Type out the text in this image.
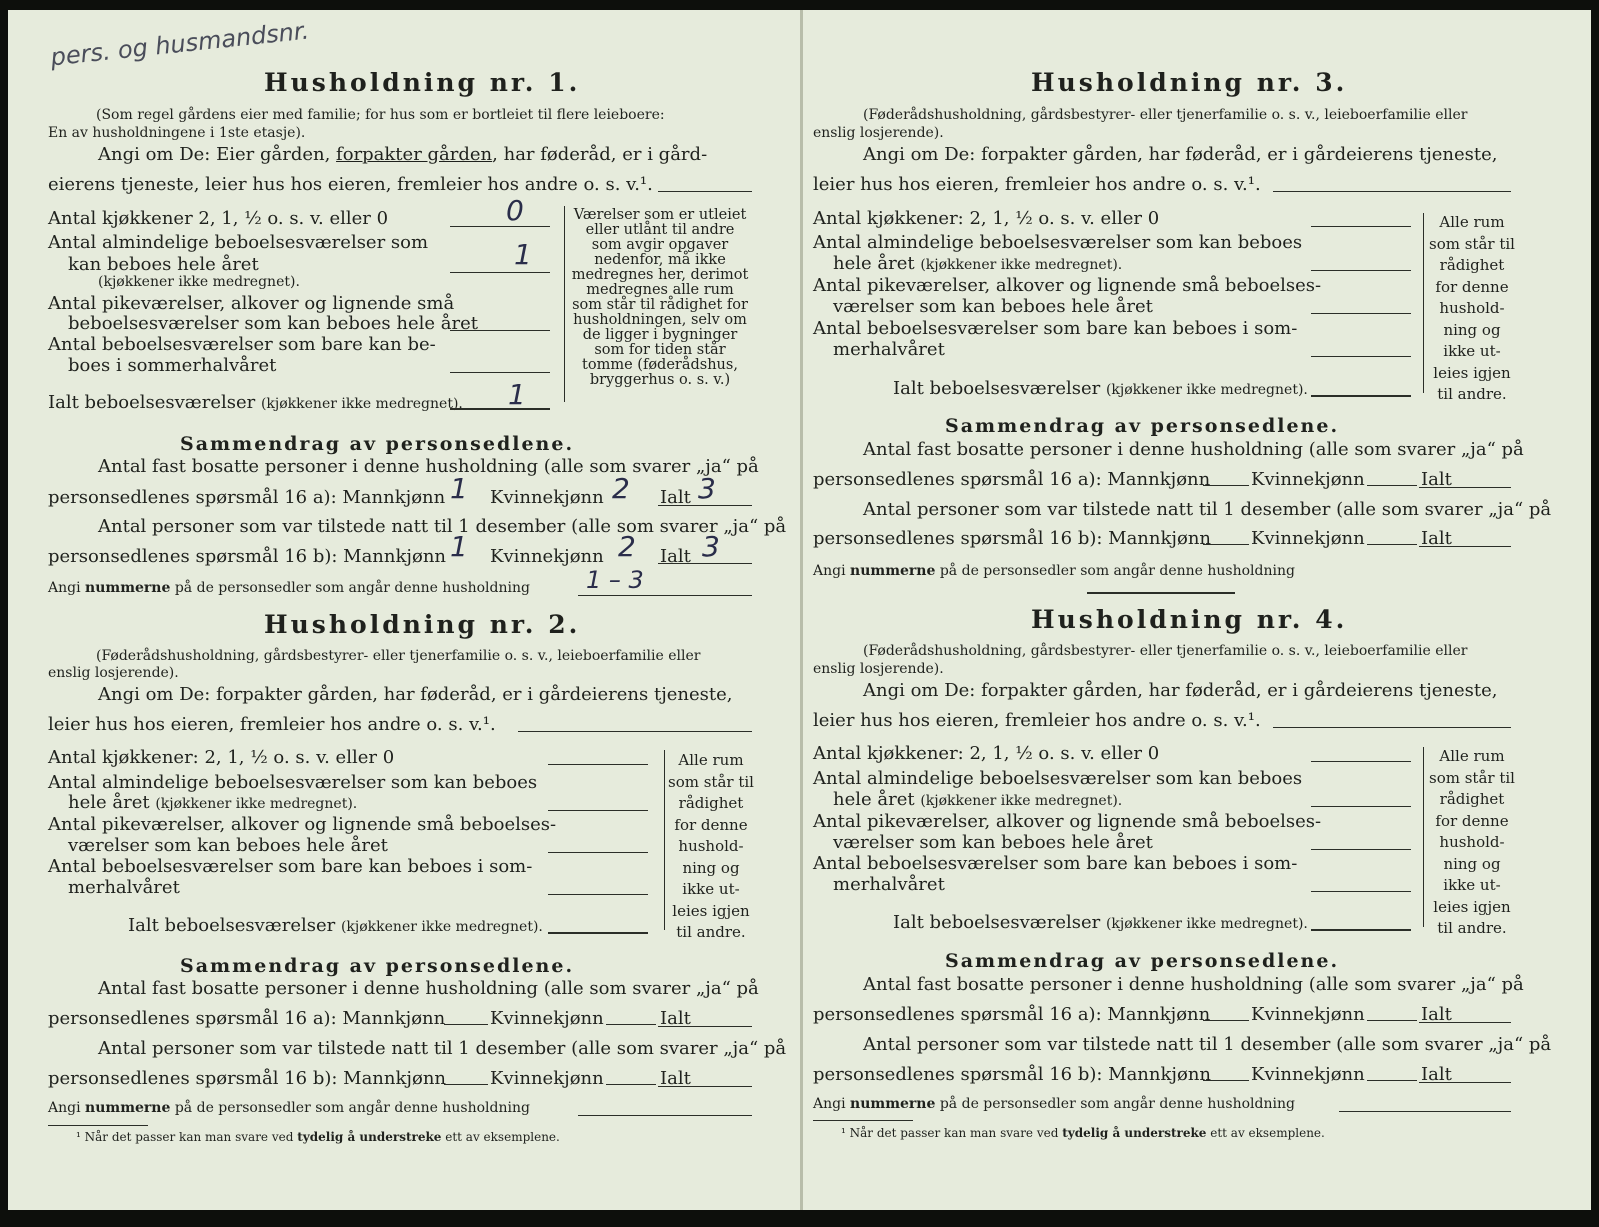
pers. og husmandsnr.
Husholdning nr. 1.
(Som regel gårdens eier med familie; for hus som er bortleiet til flere leieboere:
En av husholdningene i 1ste etasje).
Angi om De: Eier gården, forpakter gården, har føderåd, er i gård-
eierens tjeneste, leier hus hos eieren, fremleier hos andre o. s. v.¹.
Antal kjøkkener 2, 1, ½ o. s. v. eller 0	0
Antal almindelige beboelsesværelser som
kan beboes hele året	1
(kjøkkener ikke medregnet).
Antal pikeværelser, alkover og lignende små
beboelsesværelser som kan beboes hele året
Antal beboelsesværelser som bare kan be-
boes i sommerhalvåret
Ialt beboelsesværelser (kjøkkener ikke medregnet). 1
Værelser som er utleiet eller utlånt til andre som avgir opgaver nedenfor, må ikke medregnes her, derimot medregnes alle rum som står til rådighet for husholdningen, selv om de ligger i bygninger som for tiden står tomme (føderådshus, bryggerhus o. s. v.)
Sammendrag av personsedlene.
Antal fast bosatte personer i denne husholdning (alle som svarer „ja“ på
personsedlenes spørsmål 16 a): Mannkjønn 1 Kvinnekjønn 2 Ialt 3
Antal personer som var tilstede natt til 1 desember (alle som svarer „ja“ på
personsedlenes spørsmål 16 b): Mannkjønn 1 Kvinnekjønn 2 Ialt 3
Angi nummerne på de personsedler som angår denne husholdning 1 – 3
Husholdning nr. 2.
(Føderådshusholdning, gårdsbestyrer- eller tjenerfamilie o. s. v., leieboerfamilie eller
enslig losjerende).
Angi om De: forpakter gården, har føderåd, er i gårdeierens tjeneste,
leier hus hos eieren, fremleier hos andre o. s. v.¹.
Antal kjøkkener: 2, 1, ½ o. s. v. eller 0
Antal almindelige beboelsesværelser som kan beboes
hele året (kjøkkener ikke medregnet).
Antal pikeværelser, alkover og lignende små beboelses-
værelser som kan beboes hele året
Antal beboelsesværelser som bare kan beboes i som-
merhalvåret
Ialt beboelsesværelser (kjøkkener ikke medregnet).
Alle rum som står til rådighet for denne hushold-ning og ikke ut-leies igjen til andre.
Sammendrag av personsedlene.
Antal fast bosatte personer i denne husholdning (alle som svarer „ja“ på
personsedlenes spørsmål 16 a): Mannkjønn Kvinnekjønn	Ialt
Antal personer som var tilstede natt til 1 desember (alle som svarer „ja“ på
personsedlenes spørsmål 16 b): Mannkjønn Kvinnekjønn	Ialt
Angi nummerne på de personsedler som angår denne husholdning
¹ Når det passer kan man svare ved tydelig å understreke ett av eksemplene.
Husholdning nr. 3.
(Føderådshusholdning, gårdsbestyrer- eller tjenerfamilie o. s. v., leieboerfamilie eller
enslig losjerende).
Angi om De: forpakter gården, har føderåd, er i gårdeierens tjeneste,
leier hus hos eieren, fremleier hos andre o. s. v.¹.
Antal kjøkkener: 2, 1, ½ o. s. v. eller 0
Antal almindelige beboelsesværelser som kan beboes
hele året (kjøkkener ikke medregnet).
Antal pikeværelser, alkover og lignende små beboelses-
værelser som kan beboes hele året
Antal beboelsesværelser som bare kan beboes i som-
merhalvåret
Ialt beboelsesværelser (kjøkkener ikke medregnet).
Alle rum som står til rådighet for denne hushold-ning og ikke ut-leies igjen til andre.
Sammendrag av personsedlene.
Antal fast bosatte personer i denne husholdning (alle som svarer „ja“ på
personsedlenes spørsmål 16 a): Mannkjønn Kvinnekjønn	Ialt
Antal personer som var tilstede natt til 1 desember (alle som svarer „ja“ på
personsedlenes spørsmål 16 b): Mannkjønn Kvinnekjønn	Ialt
Angi nummerne på de personsedler som angår denne husholdning
Husholdning nr. 4.
(Føderådshusholdning, gårdsbestyrer- eller tjenerfamilie o. s. v., leieboerfamilie eller
enslig losjerende).
Angi om De: forpakter gården, har føderåd, er i gårdeierens tjeneste,
leier hus hos eieren, fremleier hos andre o. s. v.¹.
Antal kjøkkener: 2, 1, ½ o. s. v. eller 0
Antal almindelige beboelsesværelser som kan beboes
hele året (kjøkkener ikke medregnet).
Antal pikeværelser, alkover og lignende små beboelses-
værelser som kan beboes hele året
Antal beboelsesværelser som bare kan beboes i som-
merhalvåret
Ialt beboelsesværelser (kjøkkener ikke medregnet).
Alle rum som står til rådighet for denne hushold-ning og ikke ut-leies igjen til andre.
Sammendrag av personsedlene.
Antal fast bosatte personer i denne husholdning (alle som svarer „ja“ på
personsedlenes spørsmål 16 a): Mannkjønn Kvinnekjønn	Ialt
Antal personer som var tilstede natt til 1 desember (alle som svarer „ja“ på
personsedlenes spørsmål 16 b): Mannkjønn Kvinnekjønn	Ialt
Angi nummerne på de personsedler som angår denne husholdning
¹ Når det passer kan man svare ved tydelig å understreke ett av eksemplene.
